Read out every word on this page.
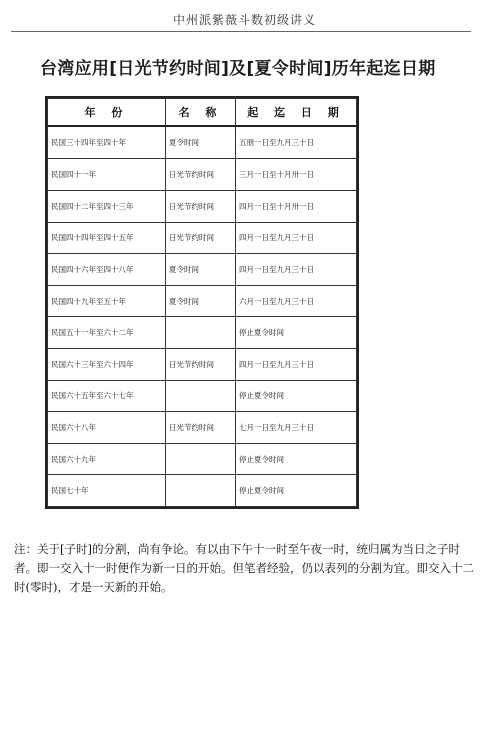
中州派紫薇斗数初级讲义
台湾应用[日光节约时间]及[夏令时间]历年起迄日期
年 份	名 称	起 迄 日 期
民国三十四年至四十年	夏令时间	五朋一日至九月三十日
民国四十一年	日光节约时间	三月一日至十月卅一日
民国四十二年至四十三年	日光节约时间	四月一日至十月卅一日
民国四十四年至四十五年	日光节约时间	四月一日至九月三十日
民国四十六年至四十八年	夏令时间	四月一日至九月三十日
民国四十九年至五十年	夏令时间	六月一日至九月三十日
民国五十一年至六十二年		停止夏令时间
民国六十三年至六十四年	日光节约时间	四月一日至九月三十日
民国六十五年至六十七年		停止夏令时间
民国六十八年	日光节约时间	七月一日至九月三十日
民国六十九年		停止夏令时间
民国七十年		停止夏令时间
注：关于[子时]的分割，尚有争论。有以由下午十一时至午夜一时，统归属为当日之子时者。即一交入十一时便作为新一日的开始。但笔者经验，仍以表列的分割为宜。即交入十二时(零时)，才是一天新的开始。
